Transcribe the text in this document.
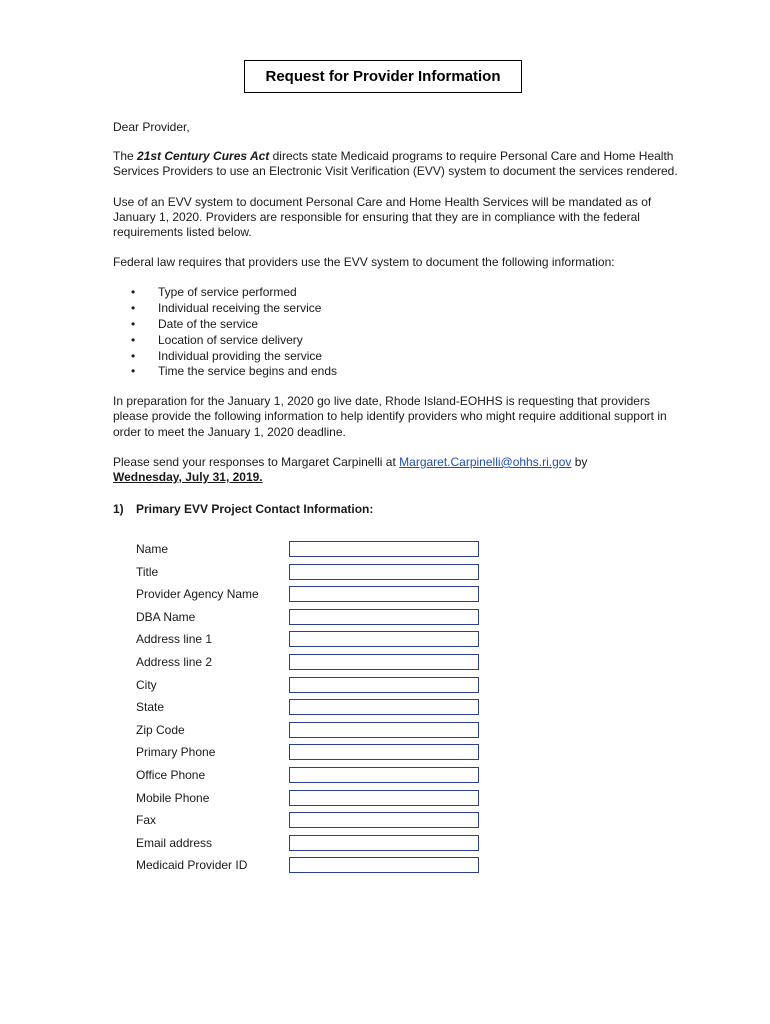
Request for Provider Information

Dear Provider,

The 21st Century Cures Act directs state Medicaid programs to require Personal Care and Home Health Services Providers to use an Electronic Visit Verification (EVV) system to document the services rendered.

Use of an EVV system to document Personal Care and Home Health Services will be mandated as of January 1, 2020. Providers are responsible for ensuring that they are in compliance with the federal requirements listed below.

Federal law requires that providers use the EVV system to document the following information:

• Type of service performed
• Individual receiving the service
• Date of the service
• Location of service delivery
• Individual providing the service
• Time the service begins and ends

In preparation for the January 1, 2020 go live date, Rhode Island-EOHHS is requesting that providers please provide the following information to help identify providers who might require additional support in order to meet the January 1, 2020 deadline.

Please send your responses to Margaret Carpinelli at Margaret.Carpinelli@ohhs.ri.gov by
Wednesday, July 31, 2019.

1) Primary EVV Project Contact Information:
Name
Title
Provider Agency Name
DBA Name
Address line 1
Address line 2
City
State
Zip Code
Primary Phone
Office Phone
Mobile Phone
Fax
Email address
Medicaid Provider ID
